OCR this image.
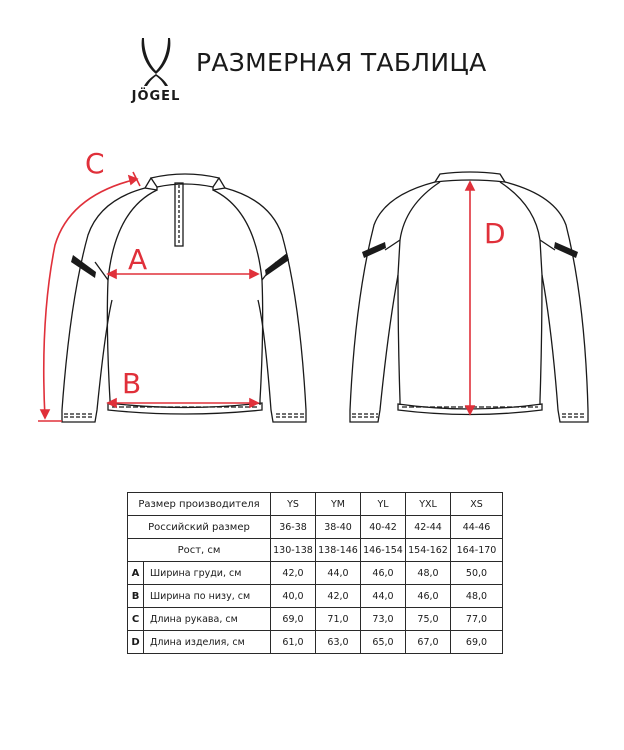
JÖGEL
РАЗМЕРНАЯ ТАБЛИЦА
C
A
B
D
Размер производителя		YS	YM	YL	YXL	XS
Российский размер		36-38	38-40	40-42	42-44	44-46
Рост, см		130-138	138-146	146-154	154-162	164-170
A	Ширина груди, см	42,0	44,0	46,0	48,0	50,0
B	Ширина по низу, см	40,0	42,0	44,0	46,0	48,0
C	Длина рукава, см	69,0	71,0	73,0	75,0	77,0
D	Длина изделия, см	61,0	63,0	65,0	67,0	69,0
